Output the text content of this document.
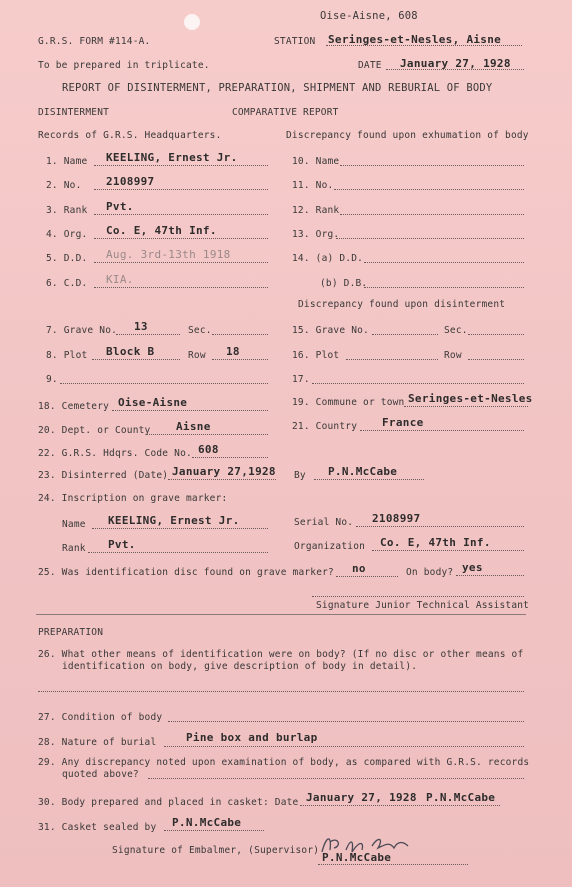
Oise-Aisne, 608
G.R.S. FORM #114-A.	STATION Seringes-et-Nesles, Aisne
To be prepared in triplicate.	DATE January 27, 1928
REPORT OF DISINTERMENT, PREPARATION, SHIPMENT AND REBURIAL OF BODY
DISINTERMENT	COMPARATIVE REPORT
Records of G.R.S. Headquarters.	Discrepancy found upon exhumation of body
1. Name KEELING, Ernest Jr.
2. No. 2108997
3. Rank Pvt.
4. Org. Co. E, 47th Inf.
5. D.D. Aug. 3rd-13th 1918
6. C.D. KIA.
10. Name
11. No.
12. Rank
13. Org.
14. (a) D.D.
(b) D.B.
Discrepancy found upon disinterment
7. Grave No. 13	Sec.
8. Plot Block B	Row 18
9.
15. Grave No.	Sec.
16. Plot	Row
17.
18. Cemetery Oise-Aisne	19. Commune or town Seringes-et-Nesles
20. Dept. or County Aisne	21. Country France
22. G.R.S. Hdqrs. Code No. 608
23. Disinterred (Date) January 27,1928 By P.N.McCabe
24. Inscription on grave marker:
Name KEELING, Ernest Jr.	Serial No. 2108997
Rank Pvt.	Organization Co. E, 47th Inf.
25. Was identification disc found on grave marker? no	On body? yes
Signature Junior Technical Assistant
PREPARATION
26. What other means of identification were on body? (If no disc or other means of
identification on body, give description of body in detail).
27. Condition of body
28. Nature of burial	Pine box and burlap
29. Any discrepancy noted upon examination of body, as compared with G.R.S. records
quoted above?
30. Body prepared and placed in casket: Date January 27, 1928 P.N.McCabe
31. Casket sealed by P.N.McCabe
Signature of Embalmer, (Supervisor)
P.N.McCabe
